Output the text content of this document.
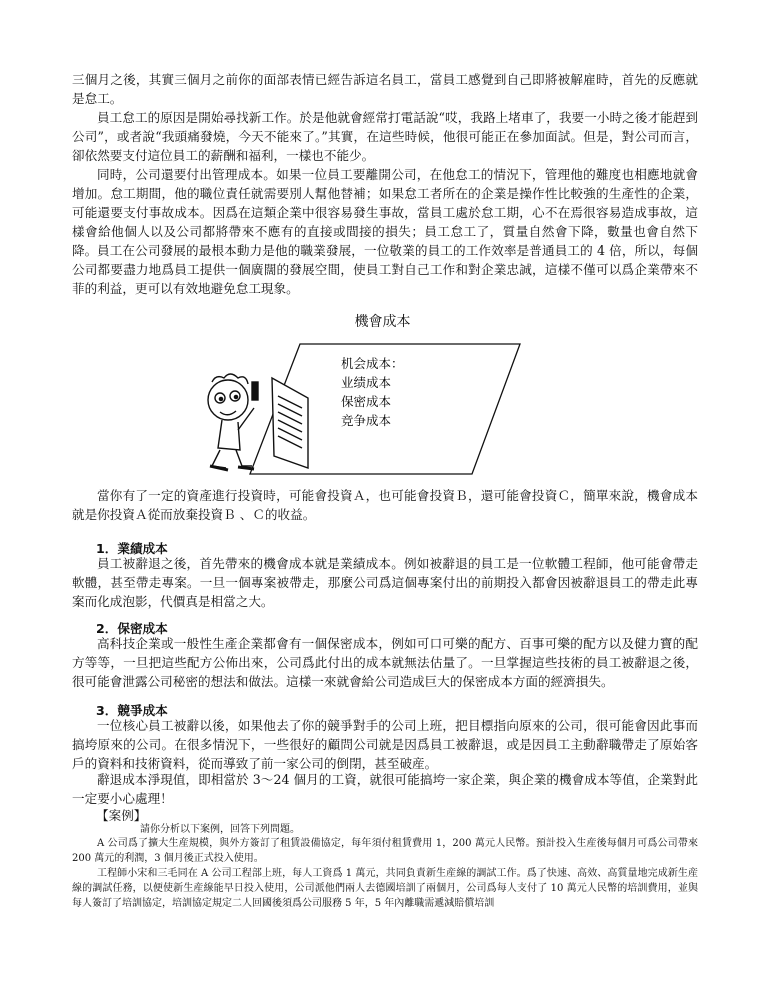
三個月之後，其實三個月之前你的面部表情已經告訴這名員工，當員工感覺到自己即將被解雇時，首先的反應就是怠工。

員工怠工的原因是開始尋找新工作。於是他就會經常打電話說“哎，我路上堵車了，我要一小時之後才能趕到公司”，或者說“我頭痛發燒，今天不能來了。”其實，在這些時候，他很可能正在參加面試。但是，對公司而言，卻依然要支付這位員工的薪酬和福利，一樣也不能少。

同時，公司還要付出管理成本。如果一位員工要離開公司，在他怠工的情況下，管理他的難度也相應地就會增加。怠工期間，他的職位責任就需要別人幫他替補；如果怠工者所在的企業是操作性比較強的生產性的企業，可能還要支付事故成本。因爲在這類企業中很容易發生事故，當員工處於怠工期，心不在焉很容易造成事故，這樣會給他個人以及公司都將帶來不應有的直接或間接的損失；員工怠工了，質量自然會下降，數量也會自然下降。 員工在公司發展的最根本動力是他的職業發展，一位敬業的員工的工作效率是普通員工的 4 倍，所以，每個公司都要盡力地爲員工提供一個廣闊的發展空間，使員工對自己工作和對企業忠誠，這樣不僅可以爲企業帶來不菲的利益，更可以有效地避免怠工現象。

機會成本
机会成本：
业绩成本
保密成本
竞争成本

當你有了一定的資產進行投資時，可能會投資Ａ，也可能會投資Ｂ，還可能會投資Ｃ，簡單來說，機會成本就是你投資Ａ從而放棄投資Ｂ 、Ｃ的收益。

1．業績成本

員工被辭退之後，首先帶來的機會成本就是業績成本。例如被辭退的員工是一位軟體工程師，他可能會帶走軟體，甚至帶走專案。一旦一個專案被帶走，那麼公司爲這個專案付出的前期投入都會因被辭退員工的帶走此專案而化成泡影，代價真是相當之大。

2．保密成本

高科技企業或一般性生產企業都會有一個保密成本，例如可口可樂的配方、百事可樂的配方以及健力寶的配方等等，一旦把這些配方公佈出來，公司爲此付出的成本就無法估量了。一旦掌握這些技術的員工被辭退之後，很可能會泄露公司秘密的想法和做法。這樣一來就會給公司造成巨大的保密成本方面的經濟損失。

3．競爭成本

一位核心員工被辭以後，如果他去了你的競爭對手的公司上班，把目標指向原來的公司，很可能會因此事而搞垮原來的公司。在很多情況下，一些很好的顧問公司就是因爲員工被辭退，或是因員工主動辭職帶走了原始客戶的資料和技術資料，從而導致了前一家公司的倒閉，甚至破産。

辭退成本淨現值，即相當於 3～24 個月的工資，就很可能搞垮一家企業，與企業的機會成本等值，企業對此一定要小心處理！

【案例】

請你分析以下案例，回答下列問題。

A 公司爲了擴大生産規模，與外方簽訂了租賃設備協定，每年須付租賃費用 1，200 萬元人民幣。預計投入生産後每個月可爲公司帶來 200 萬元的利潤，3 個月後正式投入使用。

工程師小宋和三毛同在 A 公司工程部上班，每人工資爲 1 萬元，共同負責新生産線的調試工作。爲了快速、高效、高質量地完成新生産線的調試任務，以便使新生産線能早日投入使用，公司派他們兩人去德國培訓了兩個月，公司爲每人支付了 10 萬元人民幣的培訓費用，並與每人簽訂了培訓協定，培訓協定規定二人回國後須爲公司服務 5 年，5 年內離職需遞減賠償培訓
